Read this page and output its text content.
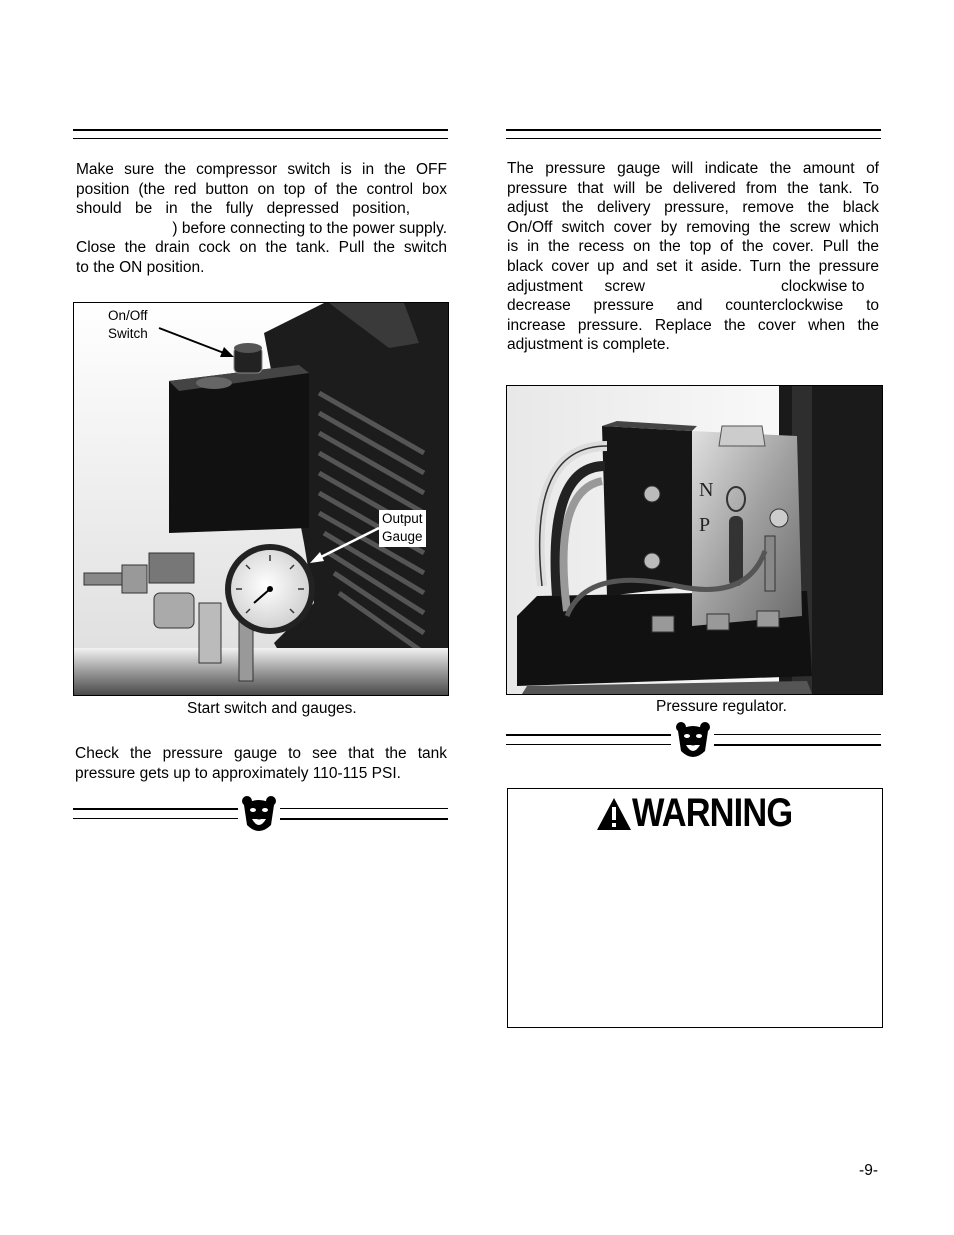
Make sure the compressor switch is in the OFF
position (the red button on top of the control box
should be in the fully depressed position,
) before connecting to the power supply.
Close the drain cock on the tank. Pull the switch
to the ON position.
On/Off
Switch
Output
Gauge
Start switch and gauges.
Check the pressure gauge to see that the tank
pressure gets up to approximately 110-115 PSI.
The pressure gauge will indicate the amount of
pressure that will be delivered from the tank. To
adjust the delivery pressure, remove the black
On/Off switch cover by removing the screw which
is in the recess on the top of the cover. Pull the
black cover up and set it aside. Turn the pressure
adjustment screw	clockwise to
decrease pressure and counterclockwise to
increase pressure. Replace the cover when the
adjustment is complete.
N
P
Pressure regulator.
WARNING
-9-
